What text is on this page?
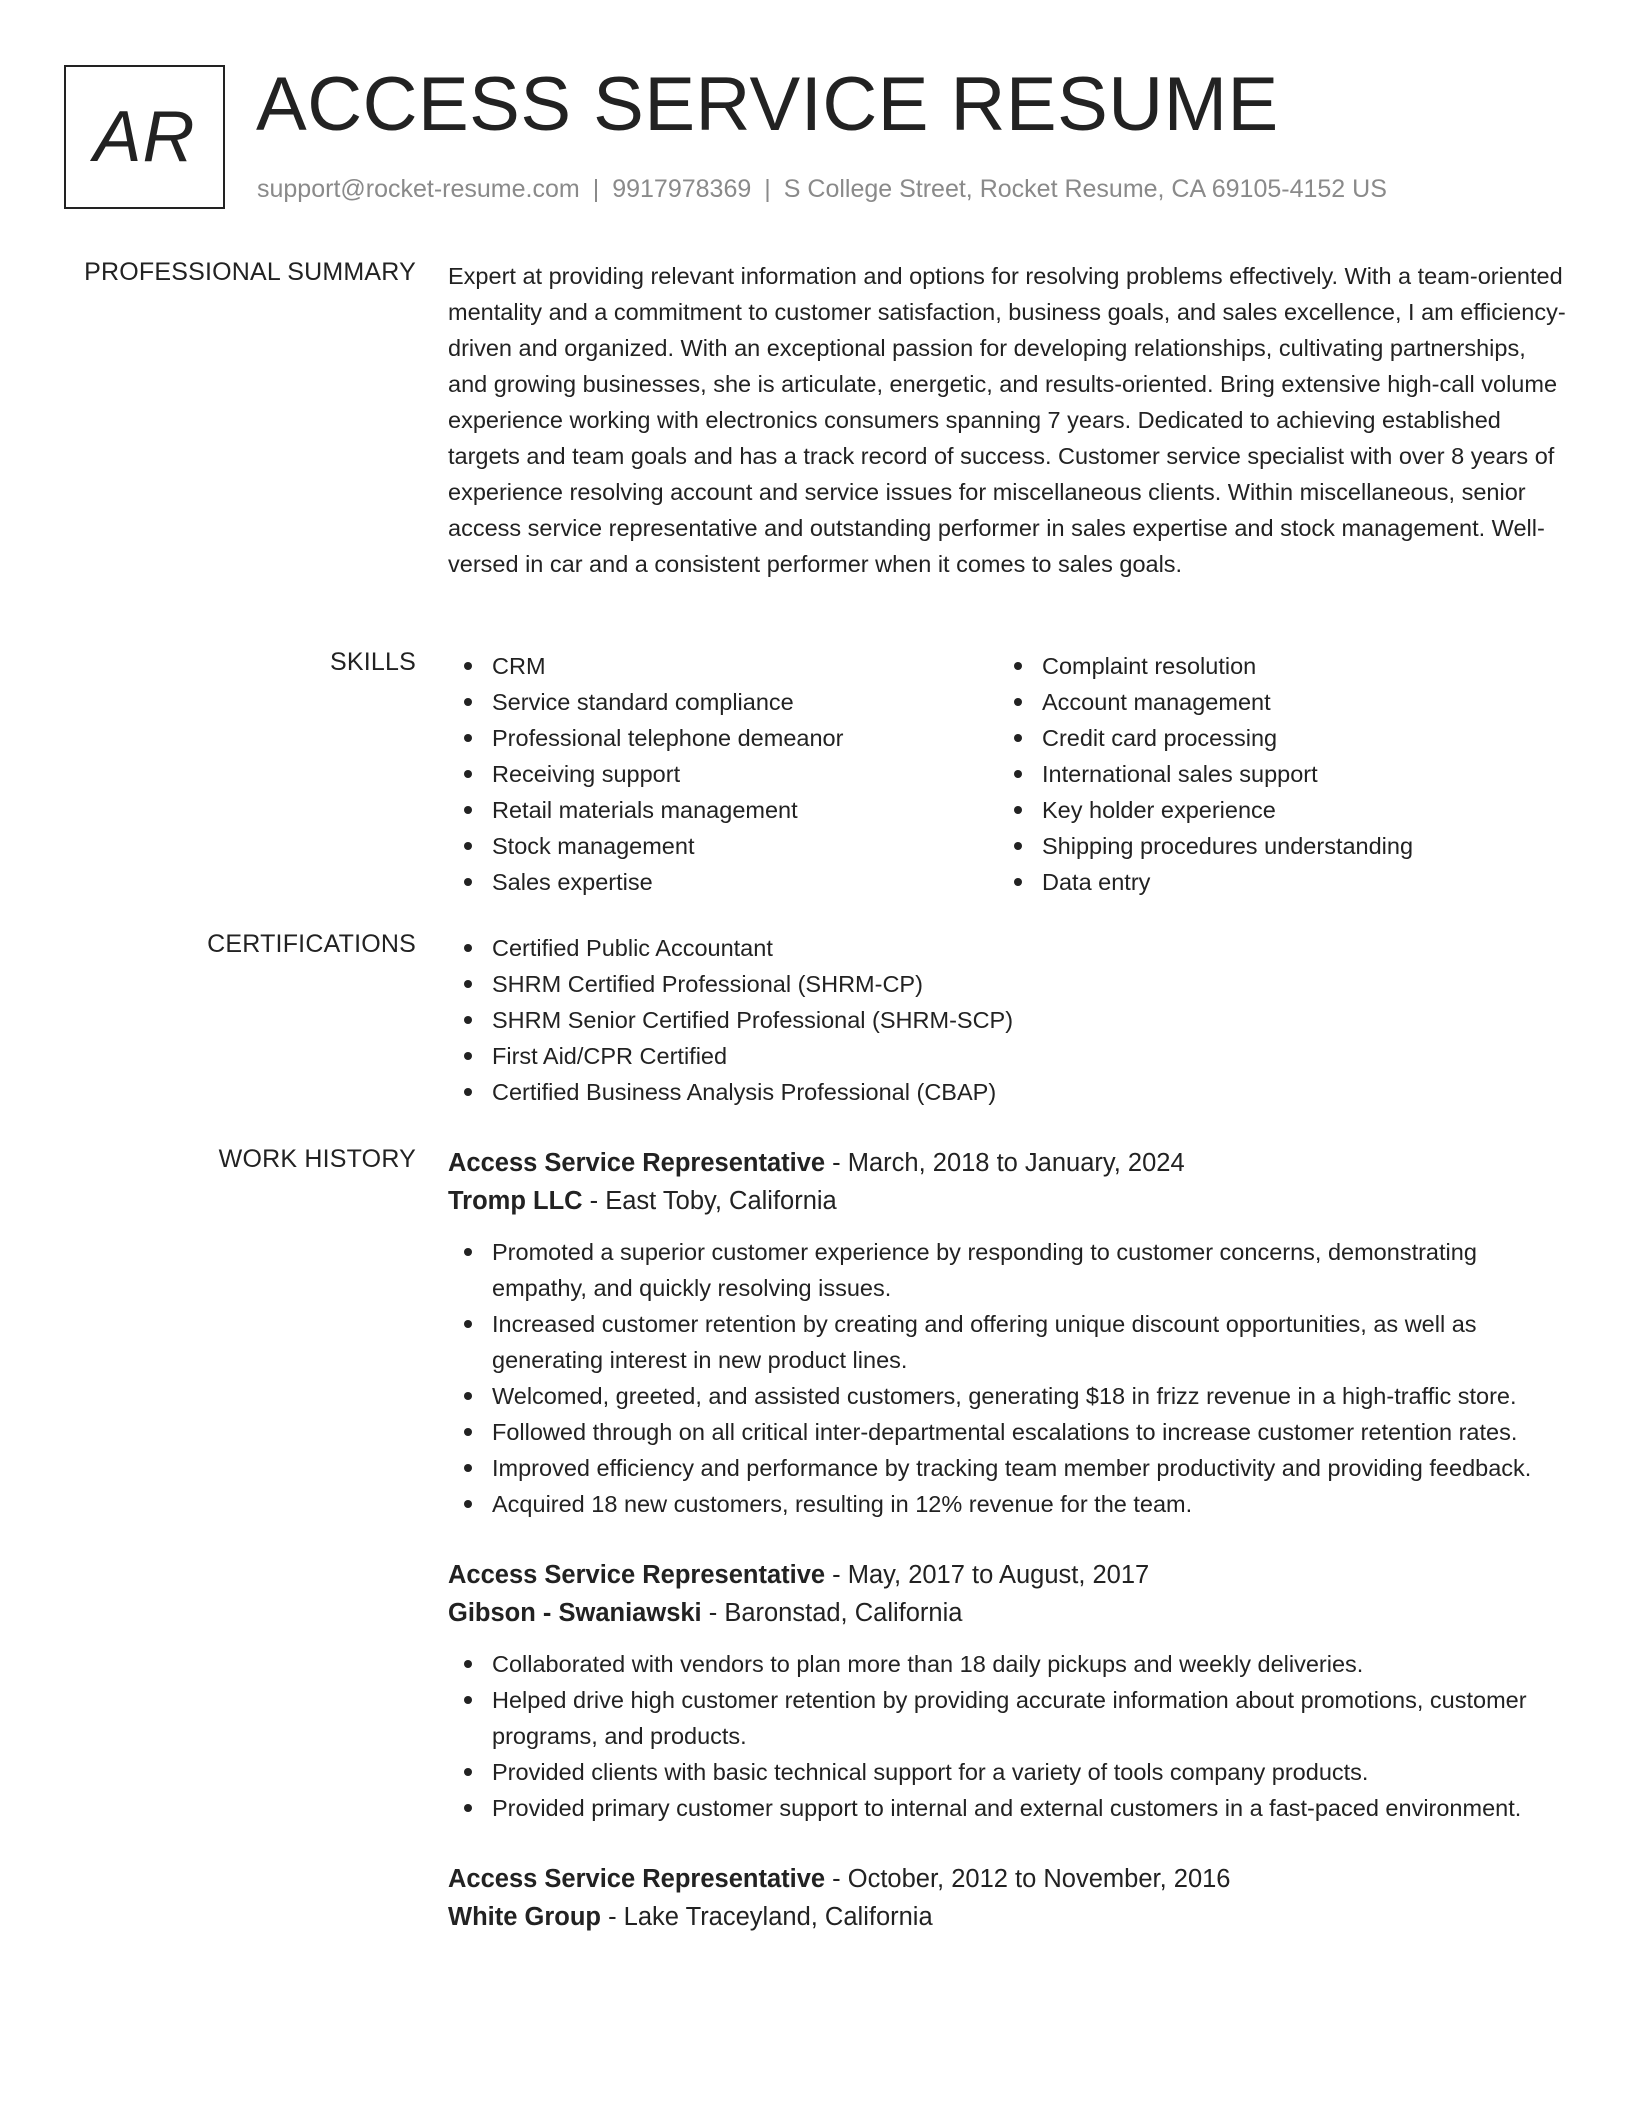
AR ACCESS SERVICE RESUME
support@rocket-resume.com | 9917978369 | S College Street, Rocket Resume, CA 69105-4152 US
PROFESSIONAL SUMMARY Expert at providing relevant information and options for resolving problems effectively. With a team-oriented mentality and a commitment to customer satisfaction, business goals, and sales excellence, I am efficiency-driven and organized. With an exceptional passion for developing relationships, cultivating partnerships, and growing businesses, she is articulate, energetic, and results-oriented. Bring extensive high-call volume experience working with electronics consumers spanning 7 years. Dedicated to achieving established targets and team goals and has a track record of success. Customer service specialist with over 8 years of experience resolving account and service issues for miscellaneous clients. Within miscellaneous, senior access service representative and outstanding performer in sales expertise and stock management. Well-versed in car and a consistent performer when it comes to sales goals.
SKILLS	CRM
Service standard compliance
Professional telephone demeanor
Receiving support
Retail materials management
Stock management
Sales expertise
Complaint resolution
Account management
Credit card processing
International sales support
Key holder experience
Shipping procedures understanding
Data entry
CERTIFICATIONS	Certified Public Accountant
SHRM Certified Professional (SHRM-CP)
SHRM Senior Certified Professional (SHRM-SCP)
First Aid/CPR Certified
Certified Business Analysis Professional (CBAP)
WORK HISTORY Access Service Representative - March, 2018 to January, 2024
Tromp LLC - East Toby, California
Promoted a superior customer experience by responding to customer concerns, demonstrating empathy, and quickly resolving issues.
Increased customer retention by creating and offering unique discount opportunities, as well as generating interest in new product lines.
Welcomed, greeted, and assisted customers, generating $18 in frizz revenue in a high-traffic store.
Followed through on all critical inter-departmental escalations to increase customer retention rates.
Improved efficiency and performance by tracking team member productivity and providing feedback.
Acquired 18 new customers, resulting in 12% revenue for the team.
Access Service Representative - May, 2017 to August, 2017
Gibson - Swaniawski - Baronstad, California
Collaborated with vendors to plan more than 18 daily pickups and weekly deliveries.
Helped drive high customer retention by providing accurate information about promotions, customer programs, and products.
Provided clients with basic technical support for a variety of tools company products.
Provided primary customer support to internal and external customers in a fast-paced environment.
Access Service Representative - October, 2012 to November, 2016
White Group - Lake Traceyland, California
